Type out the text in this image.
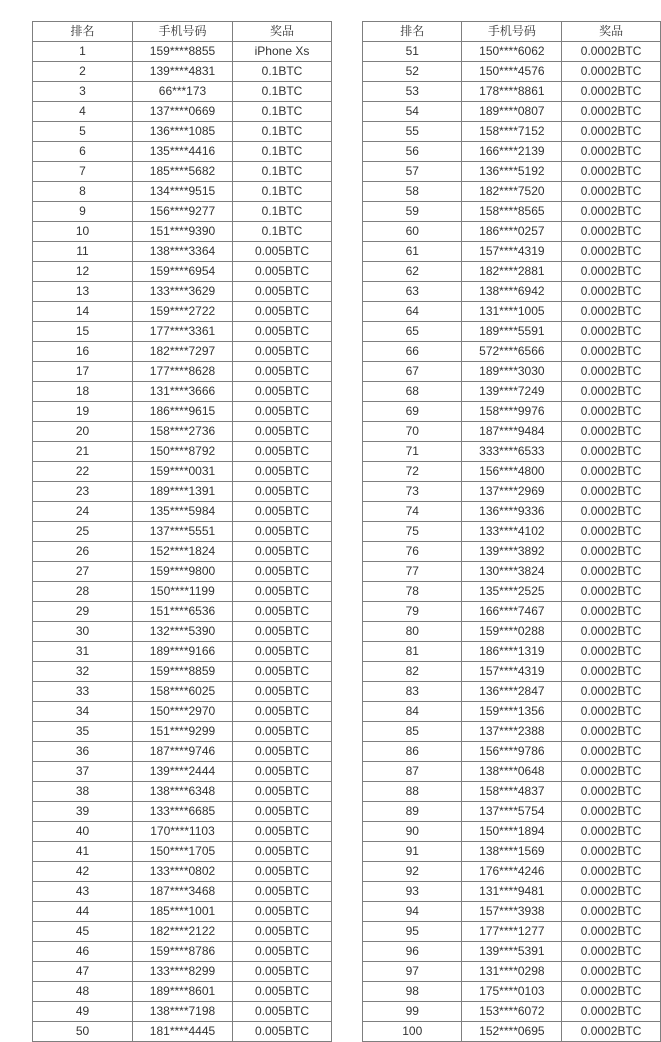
排名	手机号码	奖品
1	159****8855	iPhone Xs
2	139****4831	0.1BTC
3	66***173	0.1BTC
4	137****0669	0.1BTC
5	136****1085	0.1BTC
6	135****4416	0.1BTC
7	185****5682	0.1BTC
8	134****9515	0.1BTC
9	156****9277	0.1BTC
10	151****9390	0.1BTC
11	138****3364	0.005BTC
12	159****6954	0.005BTC
13	133****3629	0.005BTC
14	159****2722	0.005BTC
15	177****3361	0.005BTC
16	182****7297	0.005BTC
17	177****8628	0.005BTC
18	131****3666	0.005BTC
19	186****9615	0.005BTC
20	158****2736	0.005BTC
21	150****8792	0.005BTC
22	159****0031	0.005BTC
23	189****1391	0.005BTC
24	135****5984	0.005BTC
25	137****5551	0.005BTC
26	152****1824	0.005BTC
27	159****9800	0.005BTC
28	150****1199	0.005BTC
29	151****6536	0.005BTC
30	132****5390	0.005BTC
31	189****9166	0.005BTC
32	159****8859	0.005BTC
33	158****6025	0.005BTC
34	150****2970	0.005BTC
35	151****9299	0.005BTC
36	187****9746	0.005BTC
37	139****2444	0.005BTC
38	138****6348	0.005BTC
39	133****6685	0.005BTC
40	170****1103	0.005BTC
41	150****1705	0.005BTC
42	133****0802	0.005BTC
43	187****3468	0.005BTC
44	185****1001	0.005BTC
45	182****2122	0.005BTC
46	159****8786	0.005BTC
47	133****8299	0.005BTC
48	189****8601	0.005BTC
49	138****7198	0.005BTC
50	181****4445	0.005BTC
排名	手机号码	奖品
51	150****6062	0.0002BTC
52	150****4576	0.0002BTC
53	178****8861	0.0002BTC
54	189****0807	0.0002BTC
55	158****7152	0.0002BTC
56	166****2139	0.0002BTC
57	136****5192	0.0002BTC
58	182****7520	0.0002BTC
59	158****8565	0.0002BTC
60	186****0257	0.0002BTC
61	157****4319	0.0002BTC
62	182****2881	0.0002BTC
63	138****6942	0.0002BTC
64	131****1005	0.0002BTC
65	189****5591	0.0002BTC
66	572****6566	0.0002BTC
67	189****3030	0.0002BTC
68	139****7249	0.0002BTC
69	158****9976	0.0002BTC
70	187****9484	0.0002BTC
71	333****6533	0.0002BTC
72	156****4800	0.0002BTC
73	137****2969	0.0002BTC
74	136****9336	0.0002BTC
75	133****4102	0.0002BTC
76	139****3892	0.0002BTC
77	130****3824	0.0002BTC
78	135****2525	0.0002BTC
79	166****7467	0.0002BTC
80	159****0288	0.0002BTC
81	186****1319	0.0002BTC
82	157****4319	0.0002BTC
83	136****2847	0.0002BTC
84	159****1356	0.0002BTC
85	137****2388	0.0002BTC
86	156****9786	0.0002BTC
87	138****0648	0.0002BTC
88	158****4837	0.0002BTC
89	137****5754	0.0002BTC
90	150****1894	0.0002BTC
91	138****1569	0.0002BTC
92	176****4246	0.0002BTC
93	131****9481	0.0002BTC
94	157****3938	0.0002BTC
95	177****1277	0.0002BTC
96	139****5391	0.0002BTC
97	131****0298	0.0002BTC
98	175****0103	0.0002BTC
99	153****6072	0.0002BTC
100	152****0695	0.0002BTC
